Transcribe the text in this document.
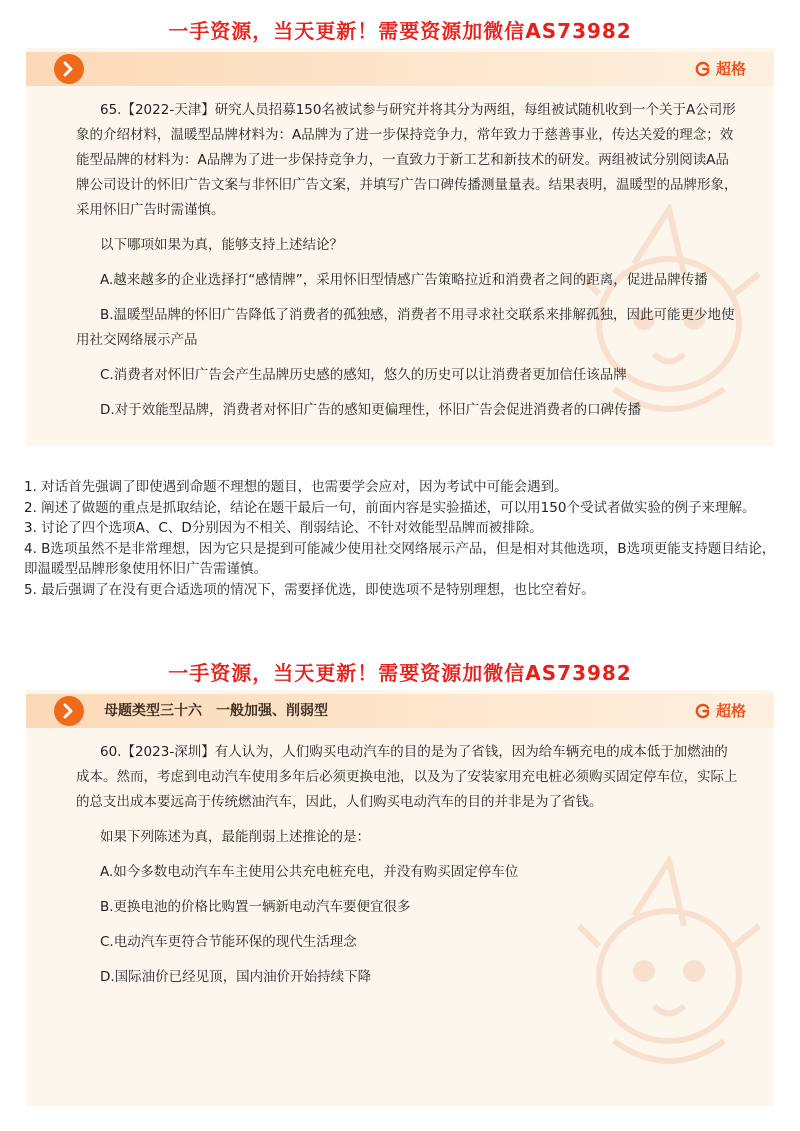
一手资源，当天更新！需要资源加微信AS73982
超格

65.【2022-天津】研究人员招募150名被试参与研究并将其分为两组，每组被试随机收到一个关于A公司形象的介绍材料，温暖型品牌材料为：A品牌为了进一步保持竞争力，常年致力于慈善事业，传达关爱的理念；效能型品牌的材料为：A品牌为了进一步保持竞争力，一直致力于新工艺和新技术的研发。两组被试分别阅读A品牌公司设计的怀旧广告文案与非怀旧广告文案，并填写广告口碑传播测量量表。结果表明，温暖型的品牌形象，采用怀旧广告时需谨慎。

以下哪项如果为真，能够支持上述结论？

A.越来越多的企业选择打“感情牌”，采用怀旧型情感广告策略拉近和消费者之间的距离，促进品牌传播

B.温暖型品牌的怀旧广告降低了消费者的孤独感，消费者不用寻求社交联系来排解孤独，因此可能更少地使用社交网络展示产品

C.消费者对怀旧广告会产生品牌历史感的感知，悠久的历史可以让消费者更加信任该品牌

D.对于效能型品牌，消费者对怀旧广告的感知更偏理性，怀旧广告会促进消费者的口碑传播

1. 对话首先强调了即使遇到命题不理想的题目，也需要学会应对，因为考试中可能会遇到。

2. 阐述了做题的重点是抓取结论，结论在题干最后一句，前面内容是实验描述，可以用150个受试者做实验的例子来理解。

3. 讨论了四个选项A、C、D分别因为不相关、削弱结论、不针对效能型品牌而被排除。

4. B选项虽然不是非常理想，因为它只是提到可能减少使用社交网络展示产品，但是相对其他选项，B选项更能支持题目结论，即温暖型品牌形象使用怀旧广告需谨慎。

5. 最后强调了在没有更合适选项的情况下，需要择优选，即使选项不是特别理想，也比空着好。

一手资源，当天更新！需要资源加微信AS73982
母题类型三十六　一般加强、削弱型	超格

60.【2023-深圳】有人认为，人们购买电动汽车的目的是为了省钱，因为给车辆充电的成本低于加燃油的成本。然而，考虑到电动汽车使用多年后必须更换电池，以及为了安装家用充电桩必须购买固定停车位，实际上的总支出成本要远高于传统燃油汽车，因此，人们购买电动汽车的目的并非是为了省钱。

如果下列陈述为真，最能削弱上述推论的是：

A.如今多数电动汽车车主使用公共充电桩充电，并没有购买固定停车位

B.更换电池的价格比购置一辆新电动汽车要便宜很多

C.电动汽车更符合节能环保的现代生活理念

D.国际油价已经见顶，国内油价开始持续下降
